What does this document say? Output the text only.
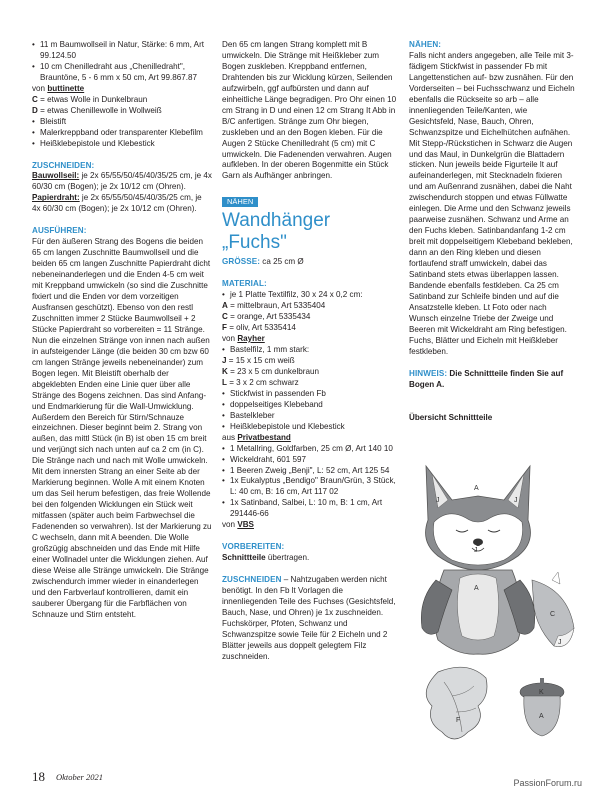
• 11 m Baumwollseil in Natur, Stärke: 6 mm, Art 99.124.50

• 10 cm Chenilledraht aus „Chenilledraht", Brauntöne, 5 - 6 mm x 50 cm, Art 99.867.87

von buttinette

C = etwas Wolle in Dunkelbraun

D = etwas Chenillewolle in Wollweiß

• Bleistift

• Malerkreppband oder transparenter Klebefilm

• Heißklebepistole und Klebestick

ZUSCHNEIDEN:

Bauwollseil: je 2x 65/55/50/45/40/35/25 cm, je 4x 60/30 cm (Bogen); je 2x 10/12 cm (Ohren).

Papierdraht: je 2x 65/55/50/45/40/35/25 cm, je 4x 60/30 cm (Bogen); je 2x 10/12 cm (Ohren).

AUSFÜHREN:

Für den äußeren Strang des Bogens die beiden 65 cm langen Zuschnitte Baumwollseil und die beiden 65 cm langen Zuschnitte Papierdraht dicht nebeneinanderlegen und die Enden 4-5 cm weit mit Kreppband umwickeln (so sind die Zuschnitte fixiert und die Enden vor dem vorzeitigen Ausfransen geschützt). Ebenso von den restl Zuschnitten immer 2 Stücke Baumwollseil + 2 Stücke Papierdraht so vorbereiten = 11 Stränge. Nun die einzelnen Stränge von innen nach außen in aufsteigender Länge (die beiden 30 cm bzw 60 cm langen Stränge jeweils nebeneinander) zum Bogen legen. Mit Bleistift oberhalb der abgeklebten Enden eine Linie quer über alle Stränge des Bogens zeichnen. Das sind Anfang- und Endmarkierung für die Wall-Umwicklung. Außerdem den Bereich für Stirn/Schnauze einzeichnen. Dieser beginnt beim 2. Strang von außen, das mittl Stück (in B) ist oben 15 cm breit und verjüngt sich nach unten auf ca 2 cm (in C). Die Stränge nach und nach mit Wolle umwickeln. Mit dem innersten Strang an einer Seite ab der Markierung beginnen. Wolle A mit einem Knoten um das Seil herum befestigen, das freie Wollende bei den folgenden Wicklungen ein Stück weit mitfassen (später auch beim Farbwechsel die Fadenenden so verwahren). Ist der Markierung zu C wechseln, dann mit A beenden. Die Wolle großzügig abschneiden und das Ende mit Hilfe einer Wollnadel unter die Wicklungen ziehen. Auf diese Weise alle Stränge umwickeln. Die Stränge zwischendurch immer wieder in einanderlegen und den Farbverlauf kontrollieren, damit ein sauberer Übergang für die Farbflächen von Schnauze und Stirn entsteht.

Den 65 cm langen Strang komplett mit B umwickeln. Die Stränge mit Heißkleber zum Bogen zuskleben. Kreppband entfernen, Drahtenden bis zur Wicklung kürzen, Seilenden aufzwirbeln, ggf aufbürsten und dann auf einheitliche Länge begradigen. Pro Ohr einen 10 cm Strang in D und einen 12 cm Strang It Abb in B/C anfertigen. Stränge zum Ohr biegen, zuskleben und an den Bogen kleben. Für die Augen 2 Stücke Chenilledraht (5 cm) mit C umwickeln. Die Fadenenden verwahren. Augen aufkleben. In der oberen Bogenmitte ein Stück Garn als Aufhänger anbringen.

NÄHEN
Wandhänger „Fuchs"

GRÖSSE: ca 25 cm Ø

MATERIAL:

• je 1 Platte Textilfilz, 30 x 24 x 0,2 cm:

A = mittelbraun, Art 5335404

C = orange, Art 5335434

F = oliv, Art 5335414

von Rayher

• Bastelfilz, 1 mm stark:

J = 15 x 15 cm weiß

K = 23 x 5 cm dunkelbraun

L = 3 x 2 cm schwarz

• Stickfwist in passenden Fb

• doppelseitiges Klebeband

• Bastelkleber

• Heißklebepistole und Klebestick

aus Privatbestand

• 1 Metallring, Goldfarben, 25 cm Ø, Art 140 10

• Wickeldraht, 601 597

• 1 Beeren Zweig „Benji", L: 52 cm, Art 125 54

• 1x Eukalyptus „Bendigo" Braun/Grün, 3 Stück, L: 40 cm, B: 16 cm, Art 117 02

• 1x Satinband, Salbei, L: 10 m, B: 1 cm, Art 291446-66

von VBS

VORBEREITEN:

Schnittteile übertragen.

ZUSCHNEIDEN – Nahtzugaben werden nicht benötigt. In den Fb lt Vorlagen die innenliegenden Teile des Fuchses (Gesichtsfeld, Bauch, Nase, und Ohren) je 1x zuschneiden. Fuchskörper, Pfoten, Schwanz und Schwanzspitze sowie Teile für 2 Eicheln und 2 Blätter jeweils aus doppelt gelegtem Filz zuschneiden.

NÄHEN:

Falls nicht anders angegeben, alle Teile mit 3-fädigem Stickfwist in passender Fb mit Langettenstichen auf- bzw zusnähen. Für den Vorderseiten – bei Fuchsschwanz und Eicheln ebenfalls die Rückseite so arb – alle innenliegenden Teile/Kanten, wie Gesichtsfeld, Nase, Bauch, Ohren, Schwanzspitze und Eichelhütchen aufnähen. Mit Stepp-/Rückstichen in Schwarz die Augen und das Maul, in Dunkelgrün die Blattadern sticken. Nun jeweils beide Figurteile lt auf aufeinanderlegen, mit Stecknadeln fixieren und am Außenrand zusnähen, dabei die Naht zwischendurch stoppen und etwas Füllwatte einlegen. Die Arme und den Schwanz jeweils paarweise zusnähen. Schwanz und Arme an den Fuchs kleben. Satinbandanfang 1-2 cm breit mit doppelseitigem Klebeband bekleben, dann an den Ring kleben und diesen fortlaufend straff umwickeln, dabei das Satinband stets etwas überlappen lassen. Bandende ebenfalls festkleben. Ca 25 cm Satinband zur Schleife binden und auf die Ansatzstelle kleben. Lt Foto oder nach Wunsch einzelne Triebe der Zweige und Beeren mit Wickeldraht am Ring befestigen. Fuchs, Blätter und Eicheln mit Heißkleber festkleben.

HINWEIS: Die Schnittteile finden Sie auf Bogen A.

Übersicht Schnittteile

J
L
A
J	J
A
C
J
F
K
A
18 Oktober 2021
PassionForum.ru
